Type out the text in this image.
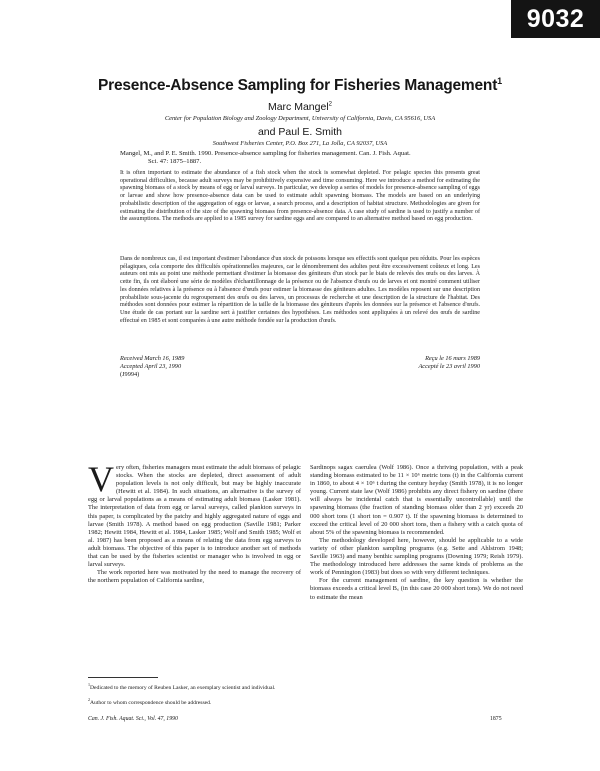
9032
Presence-Absence Sampling for Fisheries Management$^1$
Marc Mangel$^2$
Center for Population Biology and Zoology Department, University of California, Davis, CA 95616, USA
and Paul E. Smith
Southwest Fisheries Center, P.O. Box 271, La Jolla, CA 92037, USA
Mangel, M., and P. E. Smith. 1990. Presence-absence sampling for fisheries management. Can. J. Fish. Aquat.
Sci. 47: 1875–1887.
It is often important to estimate the abundance of a fish stock when the stock is somewhat depleted. For pelagic species this presents great operational difficulties, because adult surveys may be prohibitively expensive and time consuming. Here we introduce a method for estimating the spawning biomass of a stock by means of egg or larval surveys. In particular, we develop a series of models for presence-absence sampling of eggs or larvae and show how presence-absence data can be used to estimate adult spawning biomass. The models are based on an underlying probabilistic description of the aggregation of eggs or larvae, a search process, and a description of habitat structure. Methodologies are given for estimating the distribution of the size of the spawning biomass from presence-absence data. A case study of sardine is used to justify a number of the assumptions. The methods are applied to a 1985 survey for sardine eggs and are compared to an alternative method based on egg production.
Dans de nombreux cas, il est important d'estimer l'abondance d'un stock de poissons lorsque ses effectifs sont quelque peu réduits. Pour les espèces pélagiques, cela comporte des difficultés opérationnelles majeures, car le dénombrement des adultes peut être excessivement coûteux et long. Les auteurs ont mis au point une méthode permettant d'estimer la biomasse des géniteurs d'un stock par le biais de relevés des œufs ou des larves. À cette fin, ils ont élaboré une série de modèles d'échantillonnage de la présence ou de l'absence d'œufs ou de larves et ont montré comment utiliser les données relatives à la présence ou à l'absence d'œufs pour estimer la biomasse des géniteurs adultes. Les modèles reposent sur une description probabiliste sous-jacente du regroupement des œufs ou des larves, un processus de recherche et une description de la structure de l'habitat. Des méthodes sont données pour estimer la répartition de la taille de la biomasse des géniteurs d'après les données sur la présence et l'absence d'œufs. Une étude de cas portant sur la sardine sert à justifier certaines des hypothèses. Les méthodes sont appliquées à un relevé des œufs de sardine effectué en 1985 et sont comparées à une autre méthode fondée sur la production d'œufs.
Received March 16, 1989
Accepted April 23, 1990
(J9994)
Reçu le 16 mars 1989
Accepté le 23 avril 1990

Very often, fisheries managers must estimate the adult biomass of pelagic stocks. When the stocks are depleted, direct assessment of adult population levels is not only difficult, but may be highly inaccurate (Hewitt et al. 1984). In such situations, an alternative is the survey of egg or larval populations as a means of estimating adult biomass (Lasker 1981). The interpretation of data from egg or larval surveys, called plankton surveys in this paper, is complicated by the patchy and highly aggregated nature of eggs and larvae (Smith 1978). A method based on egg production (Saville 1981; Parker 1982; Hewitt 1984, Hewitt et al. 1984, Lasker 1985; Wolf and Smith 1985; Wolf et al. 1987) has been proposed as a means of relating the data from egg surveys to adult biomass. The objective of this paper is to introduce another set of methods that can be used by the fisheries scientist or manager who is involved in egg or larval surveys.

The work reported here was motivated by the need to manage the recovery of the northern population of California sardine,

$^1$Dedicated to the memory of Reuben Lasker, an exemplary scientist and individual.
$^2$Author to whom correspondence should be addressed.

Sardinops sagax caerulea (Wolf 1986). Once a thriving population, with a peak standing biomass estimated to be 11 × 10⁶ metric tons (t) in the California current in 1860, to about 4 × 10⁶ t during the century heyday (Smith 1978), it is no longer young. Current state law (Wolf 1986) prohibits any direct fishery on sardine (there will always be incidental catch that is essentially uncontrollable) until the spawning biomass (the fraction of standing biomass older than 2 yr) exceeds 20 000 short tons (1 short ton = 0.907 t). If the spawning biomass is determined to exceed the critical level of 20 000 short tons, then a fishery with a catch quota of about 5% of the spawning biomass is recommended.

The methodology developed here, however, should be applicable to a wide variety of other plankton sampling programs (e.g. Sette and Ahlstrom 1948; Saville 1963) and many benthic sampling programs (Downing 1979; Reish 1979). The methodology introduced here addresses the same kinds of problems as the work of Pennington (1983) but does so with very different techniques.

For the current management of sardine, the key question is whether the biomass exceeds a critical level B꜀ (in this case 20 000 short tons). We do not need to estimate the mean

Can. J. Fish. Aquat. Sci., Vol. 47, 1990	1875
